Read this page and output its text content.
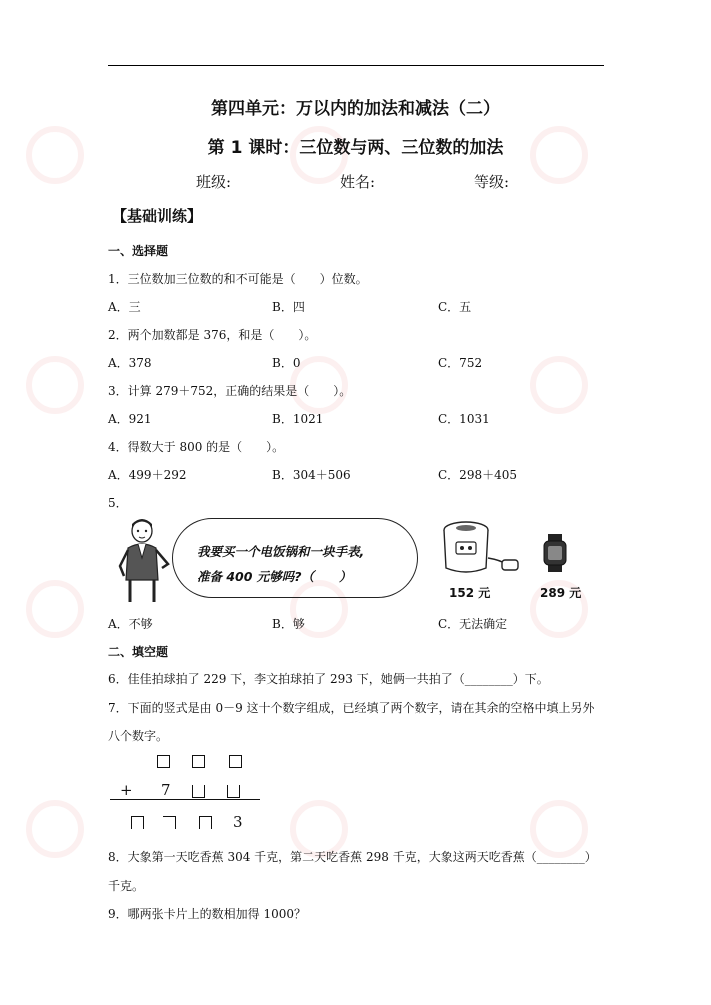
第四单元：万以内的加法和减法（二）
第 1 课时：三位数与两、三位数的加法
班级:	姓名:	等级:
【基础训练】
一、选择题
1．三位数加三位数的和不可能是（　　）位数。
A．三	B．四	C．五
2．两个加数都是 376，和是（　　）。
A．378	B．0	C．752
3．计算 279＋752，正确的结果是（　　）。
A．921	B．1021	C．1031
4．得数大于 800 的是（　　）。
A．499＋292	B．304＋506	C．298＋405
5．
我要买一个电饭锅和一块手表,
准备 400 元够吗?（　　）
152 元	289 元
A．不够	B．够	C．无法确定
二、填空题
6．佳佳拍球拍了 229 下，李文拍球拍了 293 下，她俩一共拍了（________）下。
7．下面的竖式是由 0－9 这十个数字组成，已经填了两个数字，请在其余的空格中填上另外
八个数字。
+ 7
3
8．大象第一天吃香蕉 304 千克，第二天吃香蕉 298 千克，大象这两天吃香蕉（________）
千克。
9．哪两张卡片上的数相加得 1000？
